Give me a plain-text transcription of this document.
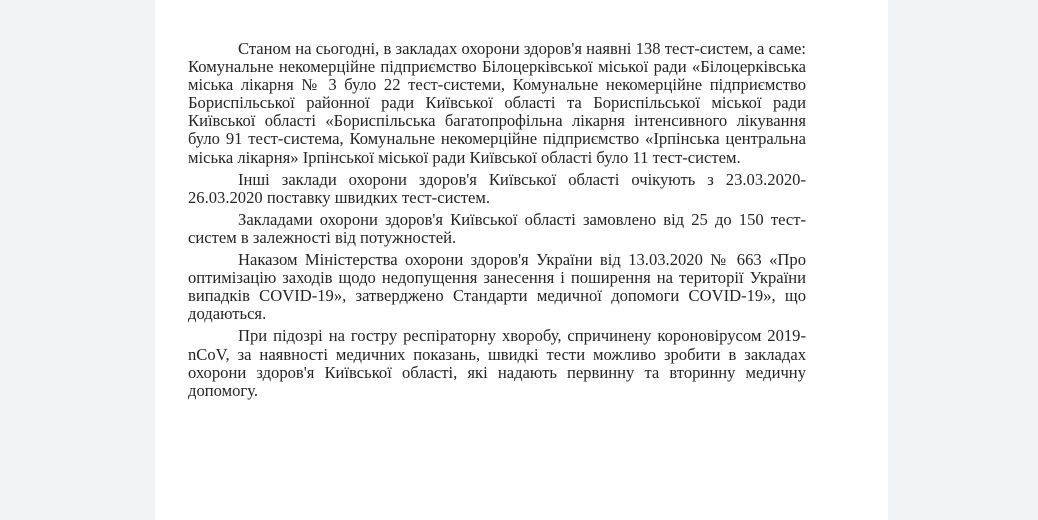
Станом на сьогодні, в закладах охорони здоров'я наявні 138 тест-систем, а саме: Комунальне некомерційне підприємство Білоцерківської міської ради «Білоцерківська міська лікарня № 3 було 22 тест-системи, Комунальне некомерційне підприємство Бориспільської районної ради Київської області та Бориспільської міської ради Київської області «Бориспільська багатопрофільна лікарня інтенсивного лікування було 91 тест-система, Комунальне некомерційне підприємство «Ірпінська центральна міська лікарня» Ірпінської міської ради Київської області було 11 тест-систем.

Інші заклади охорони здоров'я Київської області очікують з 23.03.2020-26.03.2020 поставку швидких тест-систем.

Закладами охорони здоров'я Київської області замовлено від 25 до 150 тест-систем в залежності від потужностей.

Наказом Міністерства охорони здоров'я України від 13.03.2020 № 663 «Про оптимізацію заходів щодо недопущення занесення і поширення на території України випадків COVID-19», затверджено Стандарти медичної допомоги COVID-19», що додаються.

При підозрі на гостру респіраторну хворобу, спричинену короновірусом 2019-nCoV, за наявності медичних показань, швидкі тести можливо зробити в закладах охорони здоров'я Київської області, які надають первинну та вторинну медичну допомогу.
